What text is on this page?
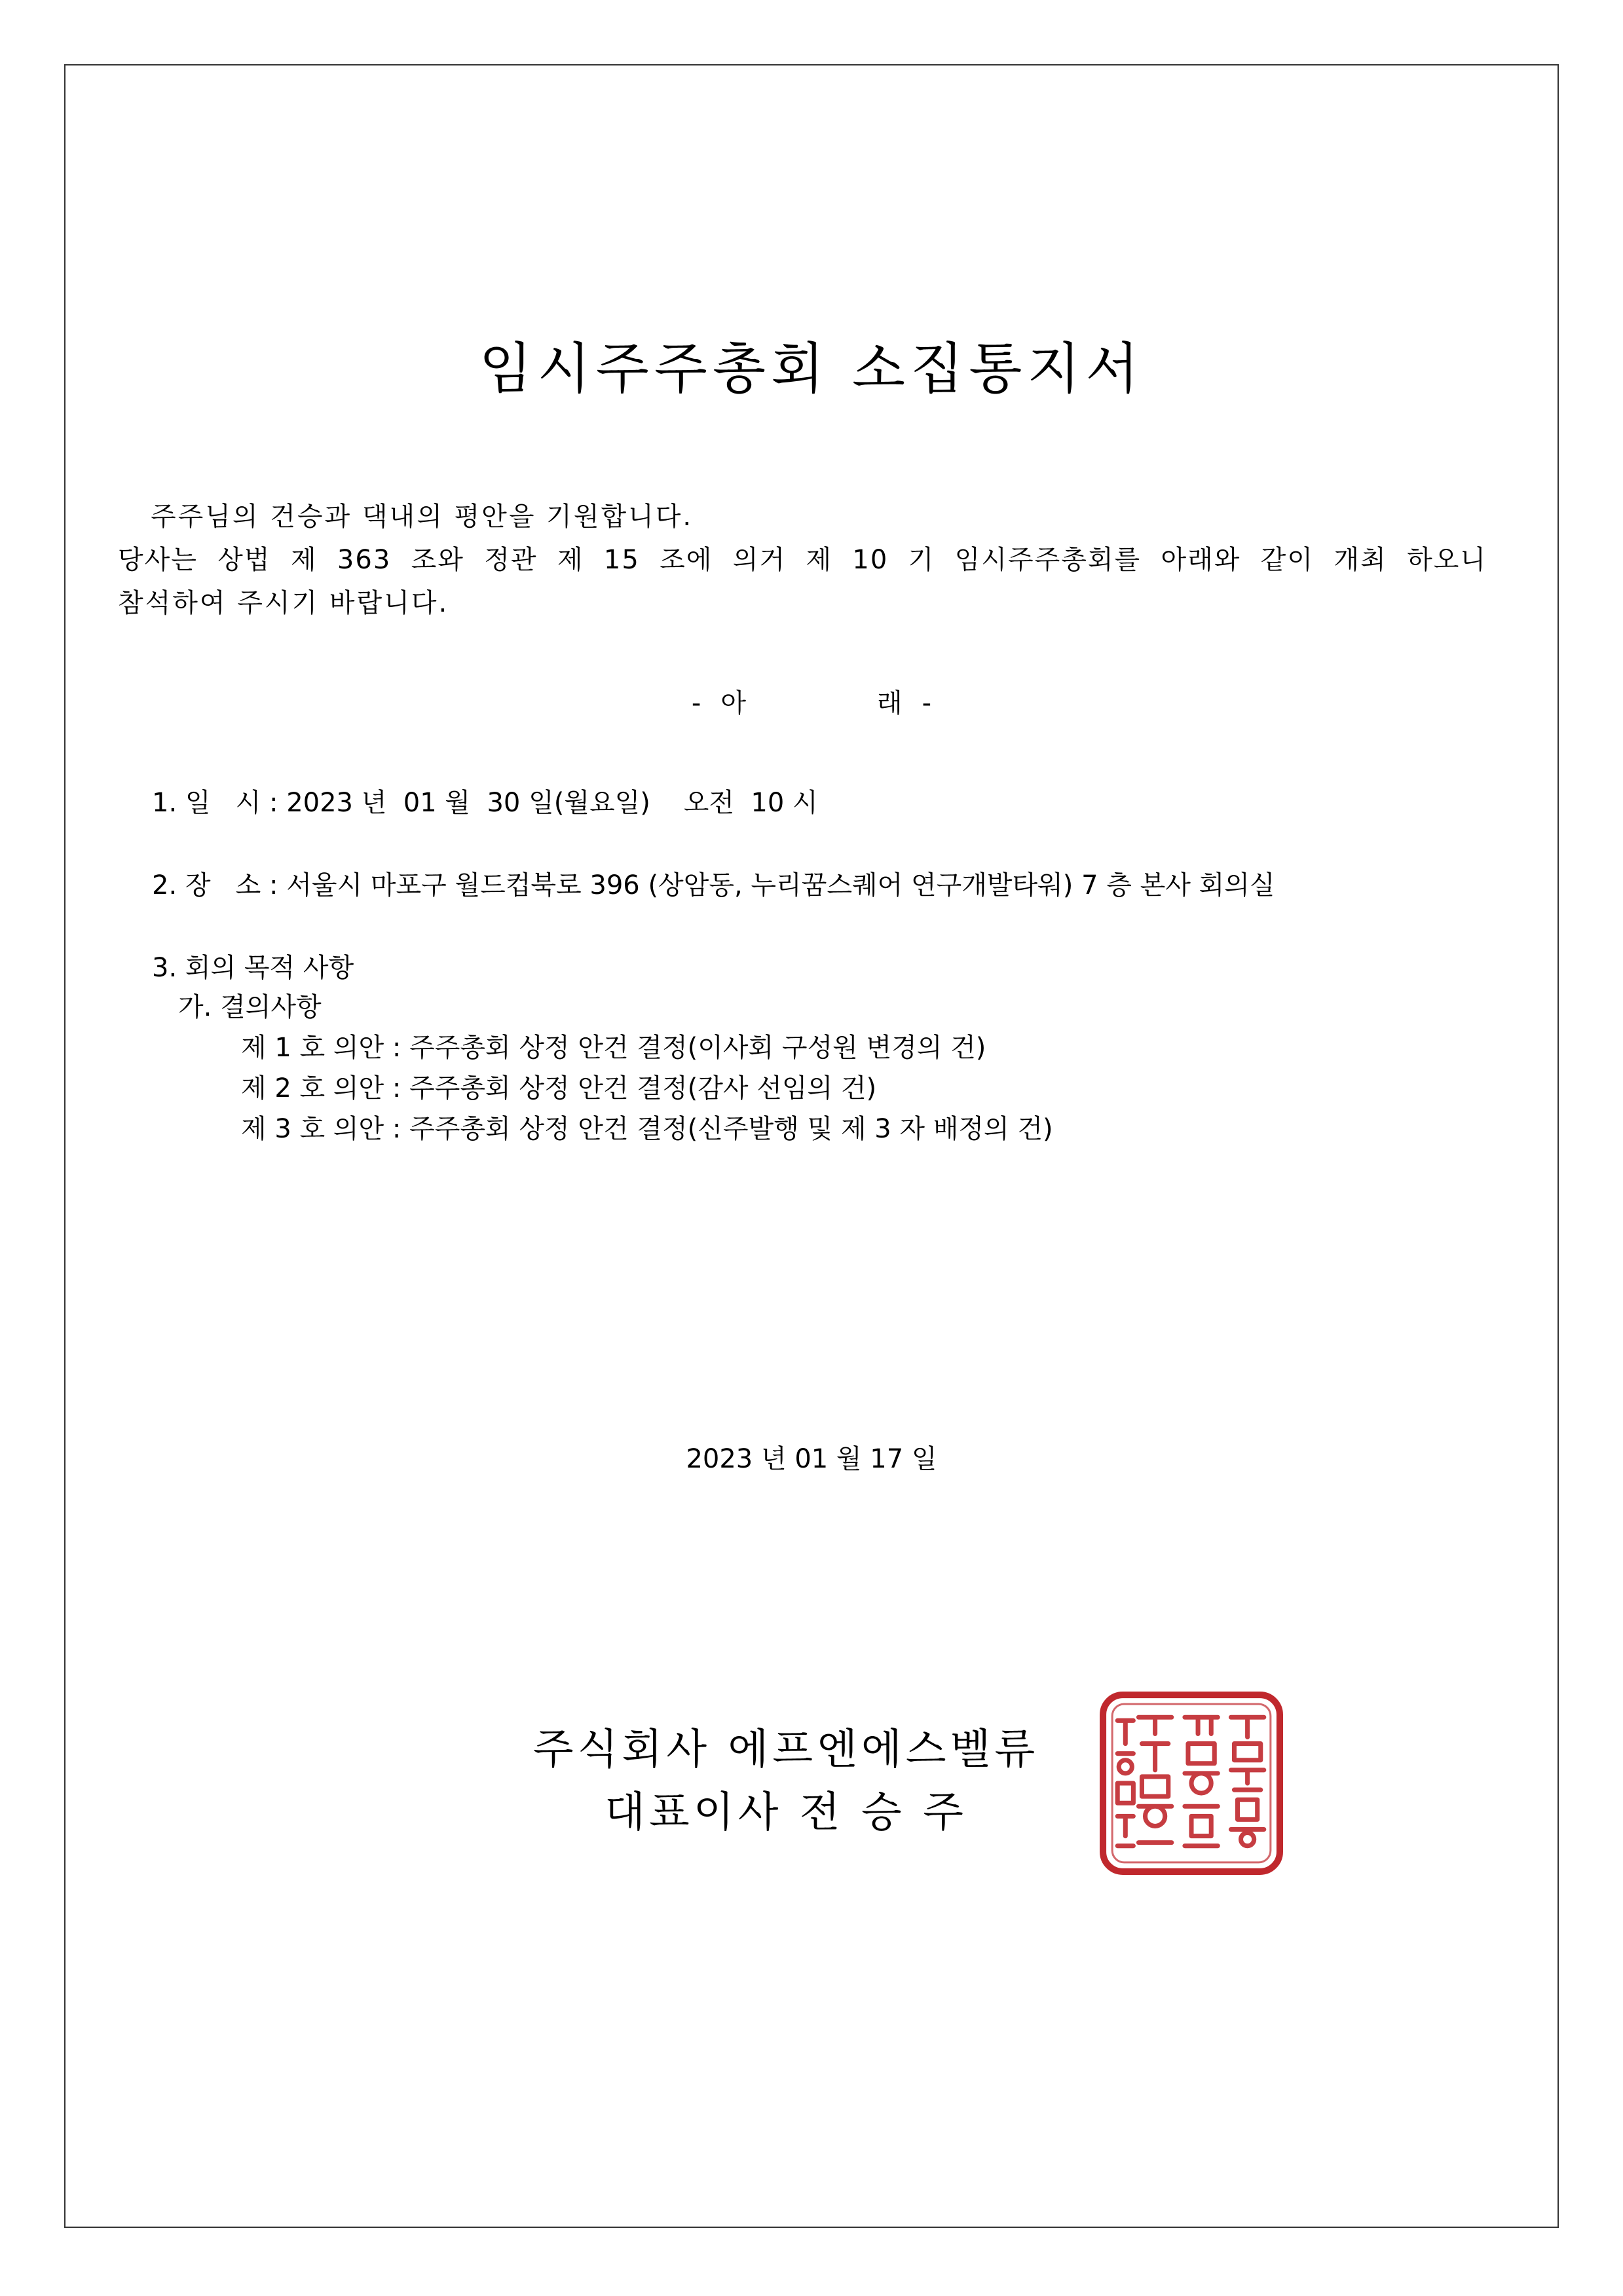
임시주주총회 소집통지서
주주님의 건승과 댁내의 평안을 기원합니다.
당사는 상법 제 363 조와 정관 제 15 조에 의거 제 10 기 임시주주총회를 아래와 같이 개최 하오니
참석하여 주시기 바랍니다.
- 아	래 -
1. 일   시 : 2023 년  01 월  30 일(월요일)    오전  10 시
2. 장   소 : 서울시 마포구 월드컵북로 396 (상암동, 누리꿈스퀘어 연구개발타워) 7 층 본사 회의실
3. 회의 목적 사항
가. 결의사항
제 1 호 의안 : 주주총회 상정 안건 결정(이사회 구성원 변경의 건)
제 2 호 의안 : 주주총회 상정 안건 결정(감사 선임의 건)
제 3 호 의안 : 주주총회 상정 안건 결정(신주발행 및 제 3 자 배정의 건)
2023 년 01 월 17 일
주식회사 에프엔에스벨류
대표이사 전 승 주
